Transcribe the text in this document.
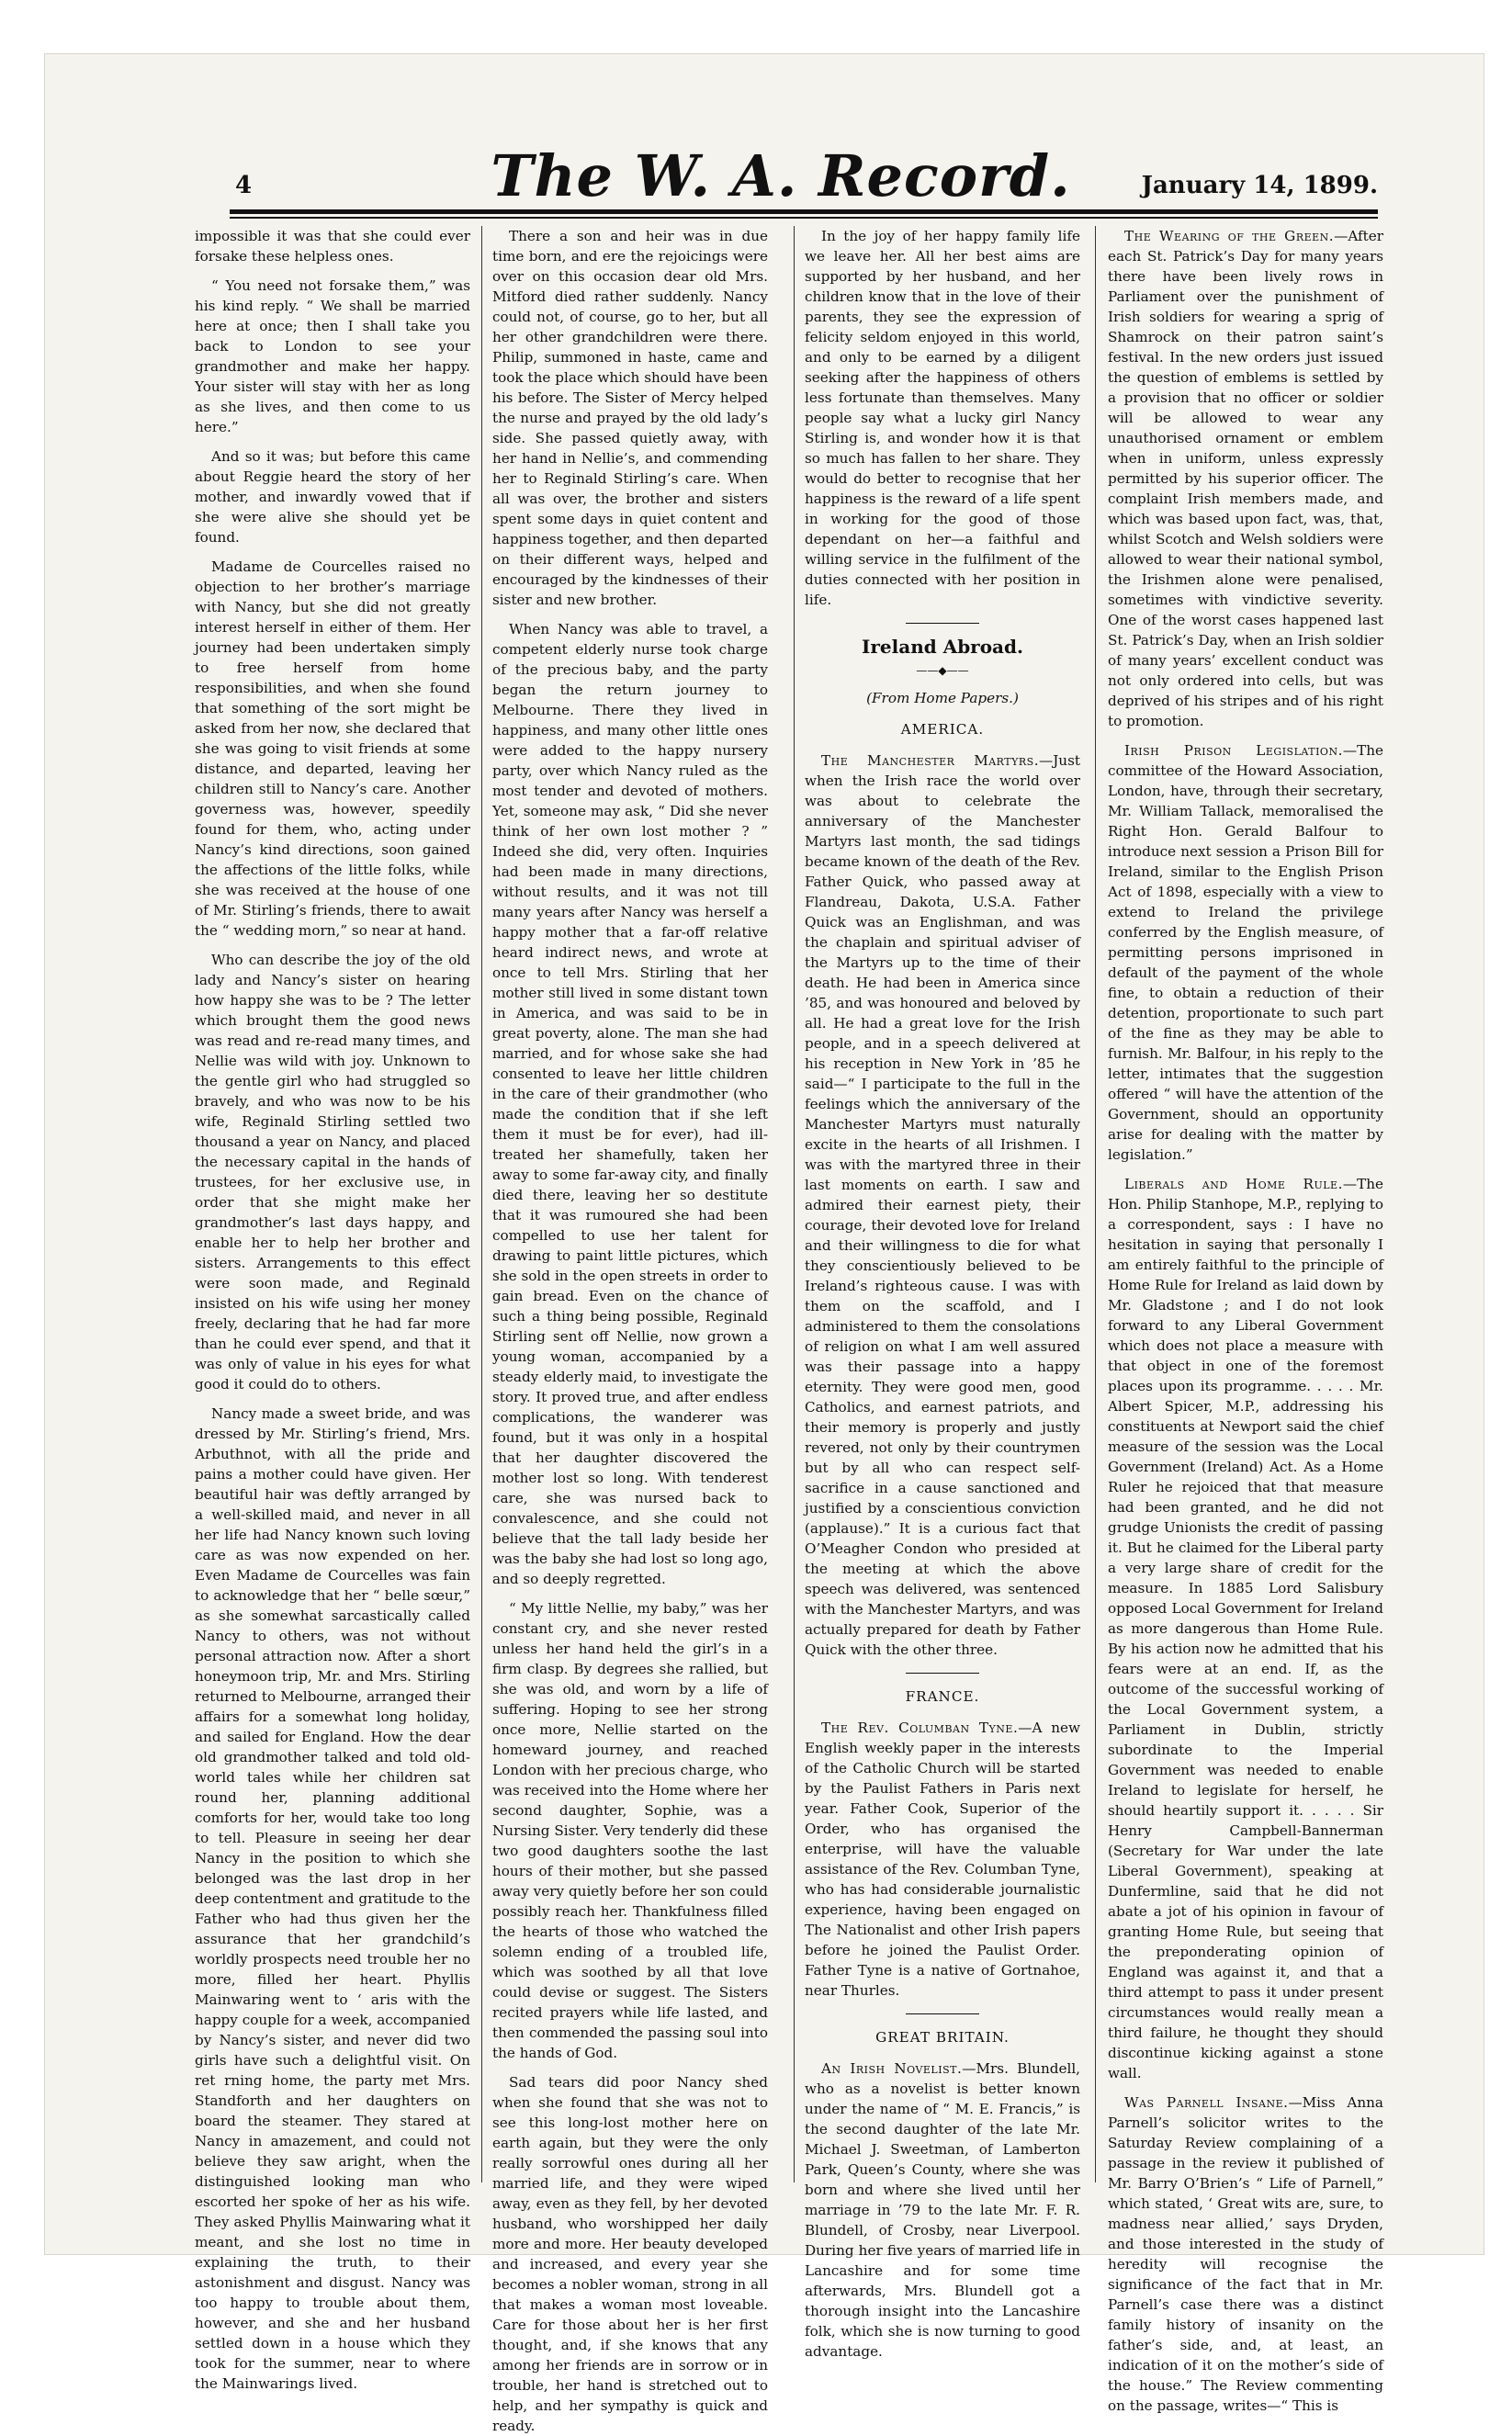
4	The W. A. Record.	January 14, 1899.

impossible it was that she could ever forsake these helpless ones.

“ You need not forsake them,” was his kind reply. “ We shall be married here at once; then I shall take you back to London to see your grandmother and make her happy. Your sister will stay with her as long as she lives, and then come to us here.”

And so it was; but before this came about Reggie heard the story of her mother, and inwardly vowed that if she were alive she should yet be found.

Madame de Courcelles raised no objection to her brother’s marriage with Nancy, but she did not greatly interest herself in either of them. Her journey had been undertaken simply to free herself from home responsibilities, and when she found that something of the sort might be asked from her now, she declared that she was going to visit friends at some distance, and departed, leaving her children still to Nancy’s care. Another governess was, however, speedily found for them, who, acting under Nancy’s kind directions, soon gained the affections of the little folks, while she was received at the house of one of Mr. Stirling’s friends, there to await the “ wedding morn,” so near at hand.

Who can describe the joy of the old lady and Nancy’s sister on hearing how happy she was to be ? The letter which brought them the good news was read and re-read many times, and Nellie was wild with joy. Unknown to the gentle girl who had struggled so bravely, and who was now to be his wife, Reginald Stirling settled two thousand a year on Nancy, and placed the necessary capital in the hands of trustees, for her exclusive use, in order that she might make her grandmother’s last days happy, and enable her to help her brother and sisters. Arrangements to this effect were soon made, and Reginald insisted on his wife using her money freely, declaring that he had far more than he could ever spend, and that it was only of value in his eyes for what good it could do to others.

Nancy made a sweet bride, and was dressed by Mr. Stirling’s friend, Mrs. Arbuthnot, with all the pride and pains a mother could have given. Her beautiful hair was deftly arranged by a well-skilled maid, and never in all her life had Nancy known such loving care as was now expended on her. Even Madame de Courcelles was fain to acknowledge that her “ belle sœur,” as she somewhat sarcastically called Nancy to others, was not without personal attraction now. After a short honeymoon trip, Mr. and Mrs. Stirling returned to Melbourne, arranged their affairs for a somewhat long holiday, and sailed for England. How the dear old grandmother talked and told old-world tales while her children sat round her, planning additional comforts for her, would take too long to tell. Pleasure in seeing her dear Nancy in the position to which she belonged was the last drop in her deep contentment and gratitude to the Father who had thus given her the assurance that her grandchild’s worldly prospects need trouble her no more, filled her heart. Phyllis Mainwaring went to ‘ aris with the happy couple for a week, accompanied by Nancy’s sister, and never did two girls have such a delightful visit. On ret rning home, the party met Mrs. Standforth and her daughters on board the steamer. They stared at Nancy in amazement, and could not believe they saw aright, when the distinguished looking man who escorted her spoke of her as his wife. They asked Phyllis Mainwaring what it meant, and she lost no time in explaining the truth, to their astonishment and disgust. Nancy was too happy to trouble about them, however, and she and her husband settled down in a house which they took for the summer, near to where the Mainwarings lived.

There a son and heir was in due time born, and ere the rejoicings were over on this occasion dear old Mrs. Mitford died rather suddenly. Nancy could not, of course, go to her, but all her other grandchildren were there. Philip, summoned in haste, came and took the place which should have been his before. The Sister of Mercy helped the nurse and prayed by the old lady’s side. She passed quietly away, with her hand in Nellie’s, and commending her to Reginald Stirling’s care. When all was over, the brother and sisters spent some days in quiet content and happiness together, and then departed on their different ways, helped and encouraged by the kindnesses of their sister and new brother.

When Nancy was able to travel, a competent elderly nurse took charge of the precious baby, and the party began the return journey to Melbourne. There they lived in happiness, and many other little ones were added to the happy nursery party, over which Nancy ruled as the most tender and devoted of mothers. Yet, someone may ask, “ Did she never think of her own lost mother ? ” Indeed she did, very often. Inquiries had been made in many directions, without results, and it was not till many years after Nancy was herself a happy mother that a far-off relative heard indirect news, and wrote at once to tell Mrs. Stirling that her mother still lived in some distant town in America, and was said to be in great poverty, alone. The man she had married, and for whose sake she had consented to leave her little children in the care of their grandmother (who made the condition that if she left them it must be for ever), had ill-treated her shamefully, taken her away to some far-away city, and finally died there, leaving her so destitute that it was rumoured she had been compelled to use her talent for drawing to paint little pictures, which she sold in the open streets in order to gain bread. Even on the chance of such a thing being possible, Reginald Stirling sent off Nellie, now grown a young woman, accompanied by a steady elderly maid, to investigate the story. It proved true, and after endless complications, the wanderer was found, but it was only in a hospital that her daughter discovered the mother lost so long. With tenderest care, she was nursed back to convalescence, and she could not believe that the tall lady beside her was the baby she had lost so long ago, and so deeply regretted.

“ My little Nellie, my baby,” was her constant cry, and she never rested unless her hand held the girl’s in a firm clasp. By degrees she rallied, but she was old, and worn by a life of suffering. Hoping to see her strong once more, Nellie started on the homeward journey, and reached London with her precious charge, who was received into the Home where her second daughter, Sophie, was a Nursing Sister. Very tenderly did these two good daughters soothe the last hours of their mother, but she passed away very quietly before her son could possibly reach her. Thankfulness filled the hearts of those who watched the solemn ending of a troubled life, which was soothed by all that love could devise or suggest. The Sisters recited prayers while life lasted, and then commended the passing soul into the hands of God.

Sad tears did poor Nancy shed when she found that she was not to see this long-lost mother here on earth again, but they were the only really sorrowful ones during all her married life, and they were wiped away, even as they fell, by her devoted husband, who worshipped her daily more and more. Her beauty developed and increased, and every year she becomes a nobler woman, strong in all that makes a woman most loveable. Care for those about her is her first thought, and, if she knows that any among her friends are in sorrow or in trouble, her hand is stretched out to help, and her sympathy is quick and ready.

In the joy of her happy family life we leave her. All her best aims are supported by her husband, and her children know that in the love of their parents, they see the expression of felicity seldom enjoyed in this world, and only to be earned by a diligent seeking after the happiness of others less fortunate than themselves. Many people say what a lucky girl Nancy Stirling is, and wonder how it is that so much has fallen to her share. They would do better to recognise that her happiness is the reward of a life spent in working for the good of those dependant on her—a faithful and willing service in the fulfilment of the duties connected with her position in life.

Ireland Abroad.
——◆——
(From Home Papers.)
AMERICA.

The Manchester Martyrs.—Just when the Irish race the world over was about to celebrate the anniversary of the Manchester Martyrs last month, the sad tidings became known of the death of the Rev. Father Quick, who passed away at Flandreau, Dakota, U.S.A. Father Quick was an Englishman, and was the chaplain and spiritual adviser of the Martyrs up to the time of their death. He had been in America since ’85, and was honoured and beloved by all. He had a great love for the Irish people, and in a speech delivered at his reception in New York in ’85 he said—“ I participate to the full in the feelings which the anniversary of the Manchester Martyrs must naturally excite in the hearts of all Irishmen. I was with the martyred three in their last moments on earth. I saw and admired their earnest piety, their courage, their devoted love for Ireland and their willingness to die for what they conscientiously believed to be Ireland’s righteous cause. I was with them on the scaffold, and I administered to them the consolations of religion on what I am well assured was their passage into a happy eternity. They were good men, good Catholics, and earnest patriots, and their memory is properly and justly revered, not only by their countrymen but by all who can respect self-sacrifice in a cause sanctioned and justified by a conscientious conviction (applause).” It is a curious fact that O’Meagher Condon who presided at the meeting at which the above speech was delivered, was sentenced with the Manchester Martyrs, and was actually prepared for death by Father Quick with the other three.

FRANCE.

The Rev. Columban Tyne.—A new English weekly paper in the interests of the Catholic Church will be started by the Paulist Fathers in Paris next year. Father Cook, Superior of the Order, who has organised the enterprise, will have the valuable assistance of the Rev. Columban Tyne, who has had considerable journalistic experience, having been engaged on The Nationalist and other Irish papers before he joined the Paulist Order. Father Tyne is a native of Gortnahoe, near Thurles.

GREAT BRITAIN.

An Irish Novelist.—Mrs. Blundell, who as a novelist is better known under the name of “ M. E. Francis,” is the second daughter of the late Mr. Michael J. Sweetman, of Lamberton Park, Queen’s County, where she was born and where she lived until her marriage in ’79 to the late Mr. F. R. Blundell, of Crosby, near Liverpool. During her five years of married life in Lancashire and for some time afterwards, Mrs. Blundell got a thorough insight into the Lancashire folk, which she is now turning to good advantage.

The Wearing of the Green.—After each St. Patrick’s Day for many years there have been lively rows in Parliament over the punishment of Irish soldiers for wearing a sprig of Shamrock on their patron saint’s festival. In the new orders just issued the question of emblems is settled by a provision that no officer or soldier will be allowed to wear any unauthorised ornament or emblem when in uniform, unless expressly permitted by his superior officer. The complaint Irish members made, and which was based upon fact, was, that, whilst Scotch and Welsh soldiers were allowed to wear their national symbol, the Irishmen alone were penalised, sometimes with vindictive severity. One of the worst cases happened last St. Patrick’s Day, when an Irish soldier of many years’ excellent conduct was not only ordered into cells, but was deprived of his stripes and of his right to promotion.

Irish Prison Legislation.—The committee of the Howard Association, London, have, through their secretary, Mr. William Tallack, memoralised the Right Hon. Gerald Balfour to introduce next session a Prison Bill for Ireland, similar to the English Prison Act of 1898, especially with a view to extend to Ireland the privilege conferred by the English measure, of permitting persons imprisoned in default of the payment of the whole fine, to obtain a reduction of their detention, proportionate to such part of the fine as they may be able to furnish. Mr. Balfour, in his reply to the letter, intimates that the suggestion offered “ will have the attention of the Government, should an opportunity arise for dealing with the matter by legislation.”

Liberals and Home Rule.—The Hon. Philip Stanhope, M.P., replying to a correspondent, says : I have no hesitation in saying that personally I am entirely faithful to the principle of Home Rule for Ireland as laid down by Mr. Gladstone ; and I do not look forward to any Liberal Government which does not place a measure with that object in one of the foremost places upon its programme. . . . . Mr. Albert Spicer, M.P., addressing his constituents at Newport said the chief measure of the session was the Local Government (Ireland) Act. As a Home Ruler he rejoiced that that measure had been granted, and he did not grudge Unionists the credit of passing it. But he claimed for the Liberal party a very large share of credit for the measure. In 1885 Lord Salisbury opposed Local Government for Ireland as more dangerous than Home Rule. By his action now he admitted that his fears were at an end. If, as the outcome of the successful working of the Local Government system, a Parliament in Dublin, strictly subordinate to the Imperial Government was needed to enable Ireland to legislate for herself, he should heartily support it. . . . . Sir Henry Campbell-Bannerman (Secretary for War under the late Liberal Government), speaking at Dunfermline, said that he did not abate a jot of his opinion in favour of granting Home Rule, but seeing that the preponderating opinion of England was against it, and that a third attempt to pass it under present circumstances would really mean a third failure, he thought they should discontinue kicking against a stone wall.

Was Parnell Insane.—Miss Anna Parnell’s solicitor writes to the Saturday Review complaining of a passage in the review it published of Mr. Barry O’Brien’s “ Life of Parnell,” which stated, ‘ Great wits are, sure, to madness near allied,’ says Dryden, and those interested in the study of heredity will recognise the significance of the fact that in Mr. Parnell’s case there was a distinct family history of insanity on the father’s side, and, at least, an indication of it on the mother’s side of the house.” The Review commenting on the passage, writes—“ This is
